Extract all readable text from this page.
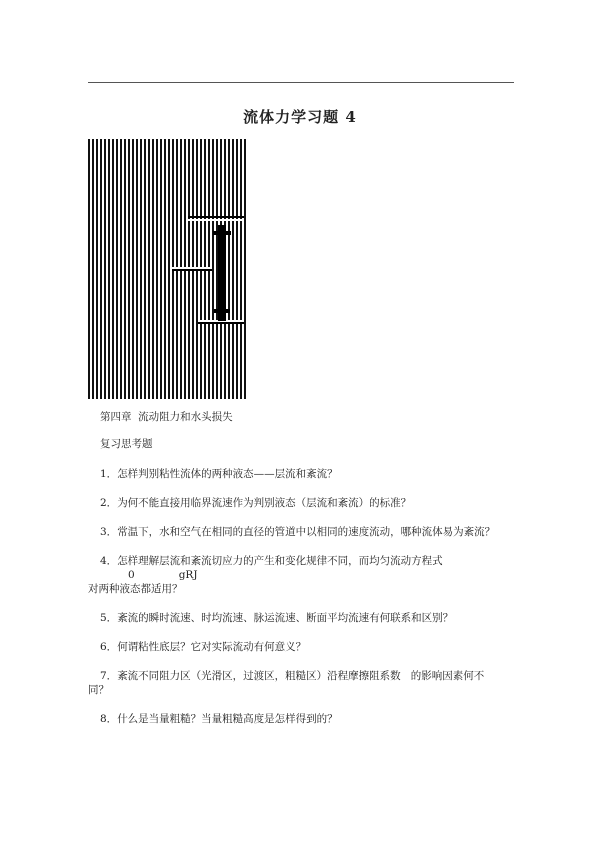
流体力学习题 4

第四章  流动阻力和水头损失

复习思考题

1．怎样判别粘性流体的两种液态——层流和紊流？

2．为何不能直接用临界流速作为判别液态（层流和紊流）的标准？

3．常温下，水和空气在相同的直径的管道中以相同的速度流动，哪种流体易为紊流？

4．怎样理解层流和紊流切应力的产生和变化规律不同，而均匀流动方程式0	gRJ
对两种液态都适用？

5．紊流的瞬时流速、时均流速、脉运流速、断面平均流速有何联系和区别？

6．何谓粘性底层？它对实际流动有何意义？

7．紊流不同阻力区（光滑区，过渡区，粗糙区）沿程摩擦阻系数   的影响因素何不
同？

8．什么是当量粗糙？当量粗糙高度是怎样得到的？
